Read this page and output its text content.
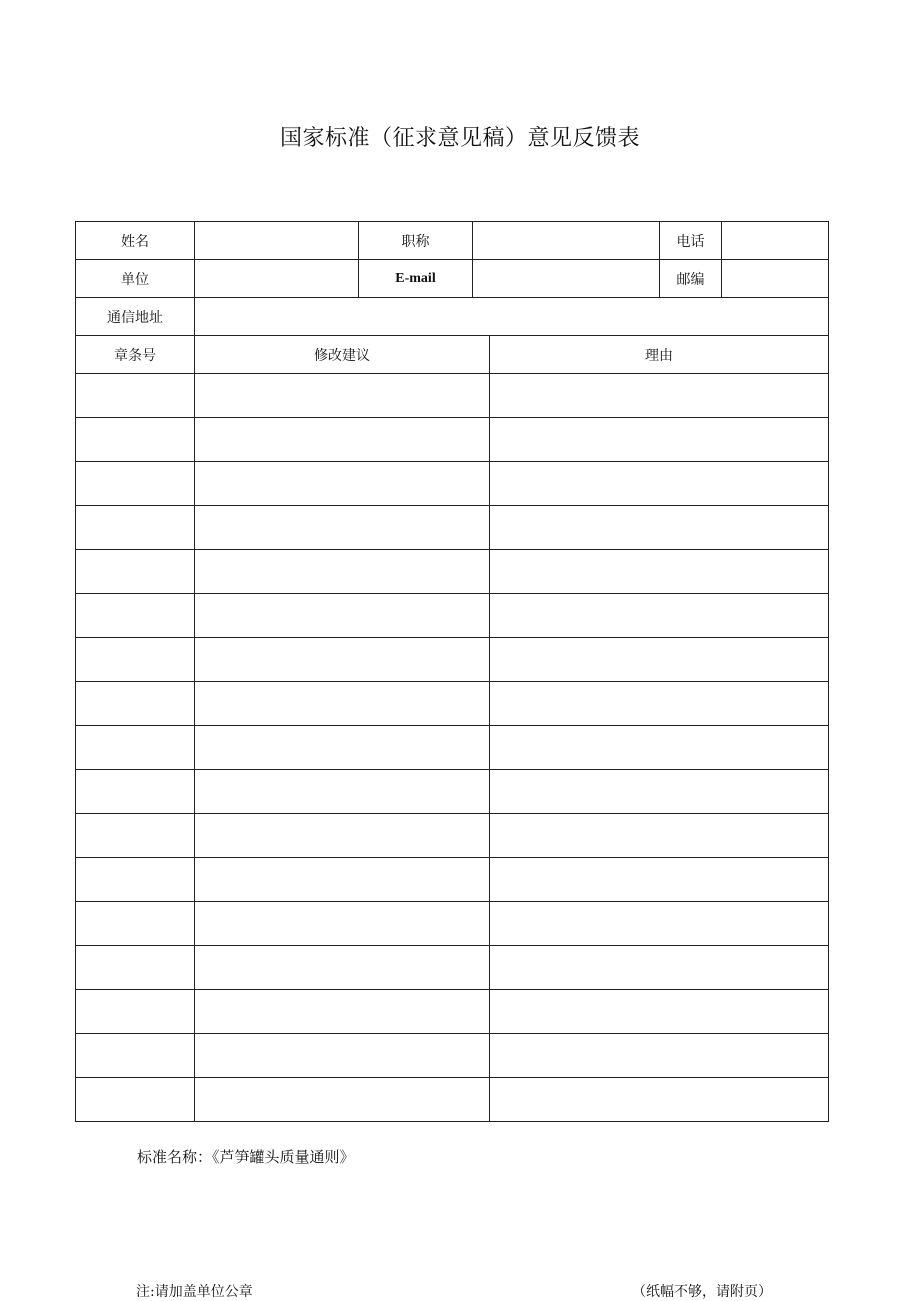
国家标准（征求意见稿）意见反馈表
姓名		职称			电话	
单位		E-mail			邮编	
通信地址						
章条号	修改建议			理由		

标准名称：《芦笋罐头质量通则》
注:请加盖单位公章	（纸幅不够，请附页）
